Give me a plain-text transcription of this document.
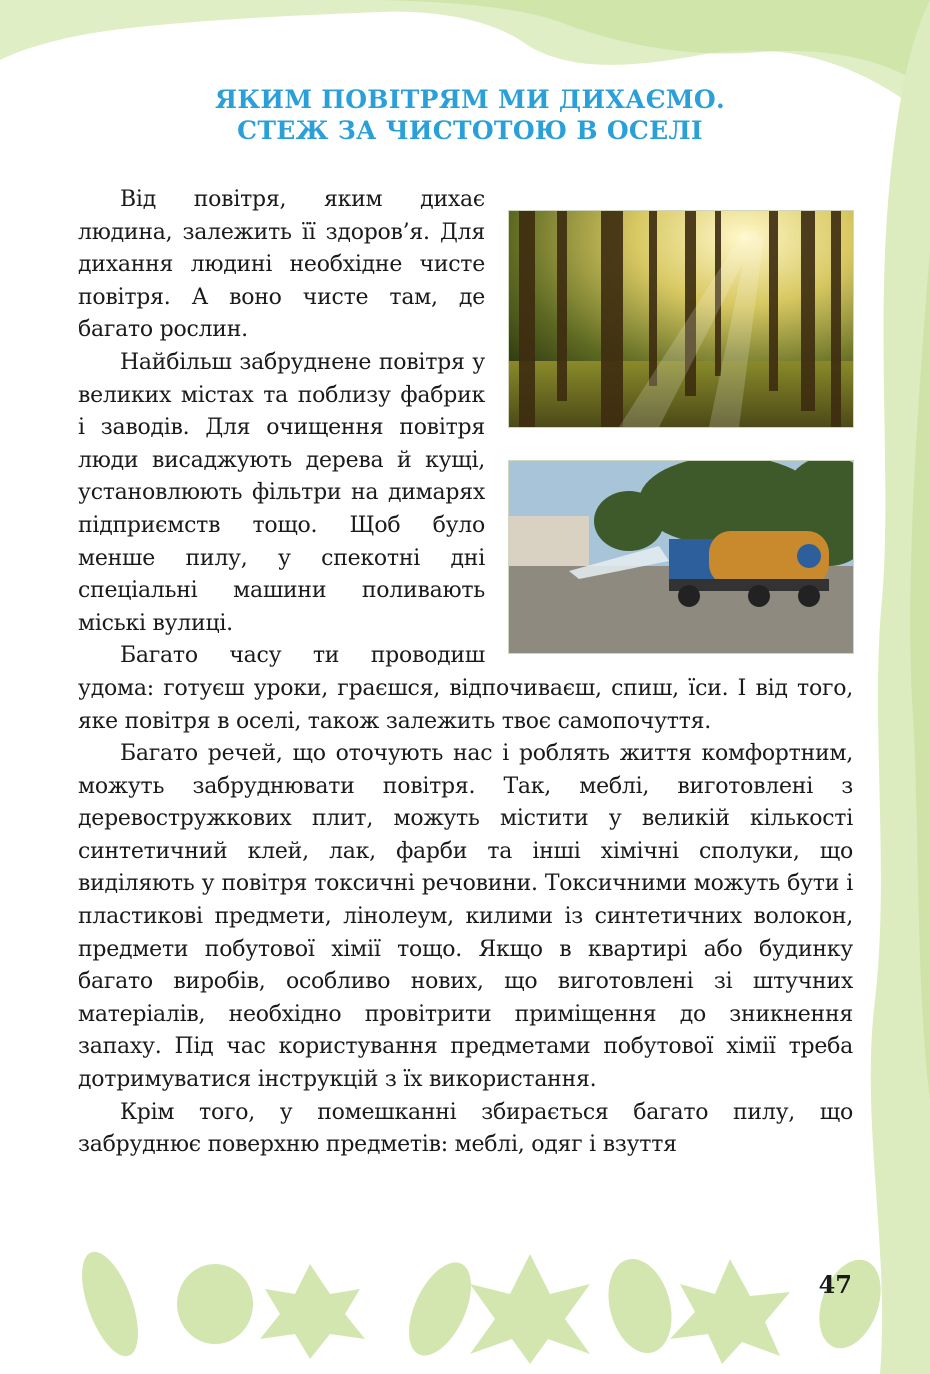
ЯКИМ ПОВІТРЯМ МИ ДИХАЄМО.
СТЕЖ ЗА ЧИСТОТОЮ В ОСЕЛІ

Від повітря, яким дихає людина, залежить її здоров’я. Для дихання людині необхідне чисте повітря. А воно чисте там, де багато рослин.

Найбільш забруднене повітря у великих містах та поблизу фабрик і заводів. Для очищення повітря люди висаджують дерева й кущі, установлюють фільтри на димарях підприємств тощо. Щоб було менше пилу, у спекотні дні спеціальні машини поливають міські вулиці.

Багато часу ти проводиш удома: готуєш уроки, граєшся, відпочиваєш, спиш, їси. І від того, яке повітря в оселі, також залежить твоє самопочуття.

Багато речей, що оточують нас і роблять життя комфортним, можуть забруднювати повітря. Так, меблі, виготовлені з деревостружкових плит, можуть містити у великій кількості синтетичний клей, лак, фарби та інші хімічні сполуки, що виділяють у повітря токсичні речовини. Токсичними можуть бути і пластикові предмети, лінолеум, килими із синтетичних волокон, предмети побутової хімії тощо. Якщо в квартирі або будинку багато виробів, особливо нових, що виготовлені зі штучних матеріалів, необхідно провітрити приміщення до зникнення запаху. Під час користування предметами побутової хімії треба дотримуватися інструкцій з їх використання.

Крім того, у помешканні збирається багато пилу, що забруднює поверхню предметів: меблі, одяг і взуття

47
